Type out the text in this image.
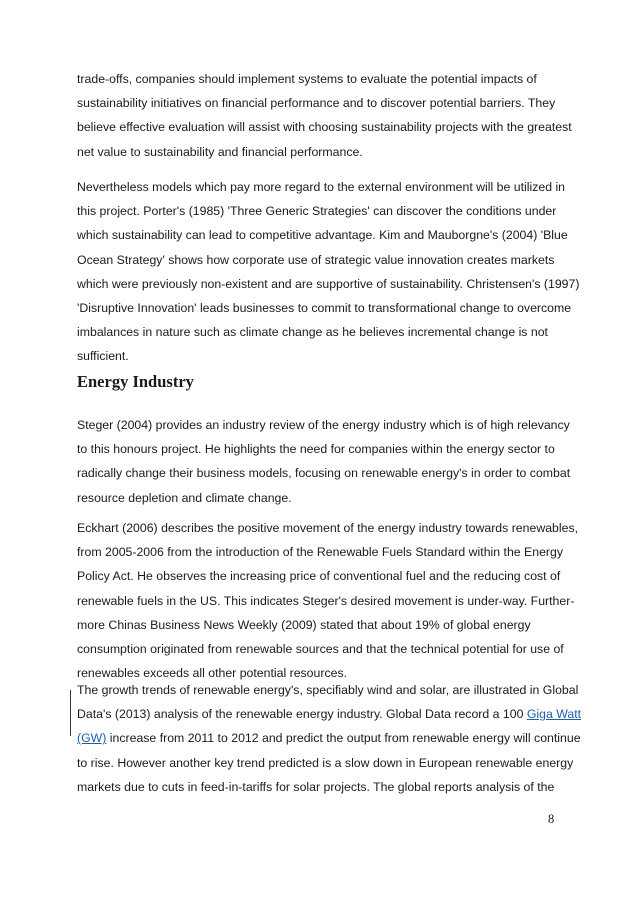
trade-offs, companies should implement systems to evaluate the potential impacts of
sustainability initiatives on financial performance and to discover potential barriers. They
believe effective evaluation will assist with choosing sustainability projects with the greatest
net value to sustainability and financial performance.

Nevertheless models which pay more regard to the external environment will be utilized in
this project. Porter's (1985) 'Three Generic Strategies' can discover the conditions under
which sustainability can lead to competitive advantage. Kim and Mauborgne's (2004) 'Blue
Ocean Strategy' shows how corporate use of strategic value innovation creates markets
which were previously non-existent and are supportive of sustainability. Christensen's (1997)
'Disruptive Innovation' leads businesses to commit to transformational change to overcome
imbalances in nature such as climate change as he believes incremental change is not
sufficient.

Energy Industry

Steger (2004) provides an industry review of the energy industry which is of high relevancy
to this honours project. He highlights the need for companies within the energy sector to
radically change their business models, focusing on renewable energy's in order to combat
resource depletion and climate change.

Eckhart (2006) describes the positive movement of the energy industry towards renewables,
from 2005-2006 from the introduction of the Renewable Fuels Standard within the Energy
Policy Act. He observes the increasing price of conventional fuel and the reducing cost of
renewable fuels in the US. This indicates Steger's desired movement is under-way. Further-
more Chinas Business News Weekly (2009) stated that about 19% of global energy
consumption originated from renewable sources and that the technical potential for use of
renewables exceeds all other potential resources.

The growth trends of renewable energy's, specifiably wind and solar, are illustrated in Global
Data's (2013) analysis of the renewable energy industry. Global Data record a 100 Giga Watt
(GW) increase from 2011 to 2012 and predict the output from renewable energy will continue
to rise. However another key trend predicted is a slow down in European renewable energy
markets due to cuts in feed-in-tariffs for solar projects. The global reports analysis of the

8
